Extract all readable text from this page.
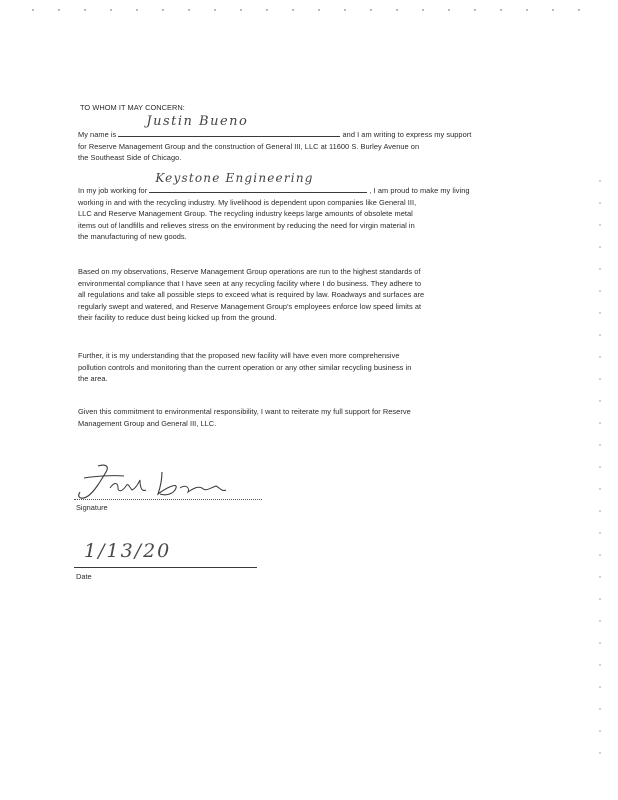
TO WHOM IT MAY CONCERN:
My name is
Justin Bueno
and I am writing to express my support
for Reserve Management Group and the construction of General III, LLC at 11600 S. Burley Avenue on
the Southeast Side of Chicago.
In my job working for
Keystone Engineering
, I am proud to make my living
working in and with the recycling industry. My livelihood is dependent upon companies like General III,
LLC and Reserve Management Group. The recycling industry keeps large amounts of obsolete metal
items out of landfills and relieves stress on the environment by reducing the need for virgin material in
the manufacturing of new goods.
Based on my observations, Reserve Management Group operations are run to the highest standards of
environmental compliance that I have seen at any recycling facility where I do business. They adhere to
all regulations and take all possible steps to exceed what is required by law. Roadways and surfaces are
regularly swept and watered, and Reserve Management Group's employees enforce low speed limits at
their facility to reduce dust being kicked up from the ground.
Further, it is my understanding that the proposed new facility will have even more comprehensive
pollution controls and monitoring than the current operation or any other similar recycling business in
the area.
Given this commitment to environmental responsibility, I want to reiterate my full support for Reserve
Management Group and General III, LLC.
Signature
1/13/20
Date
